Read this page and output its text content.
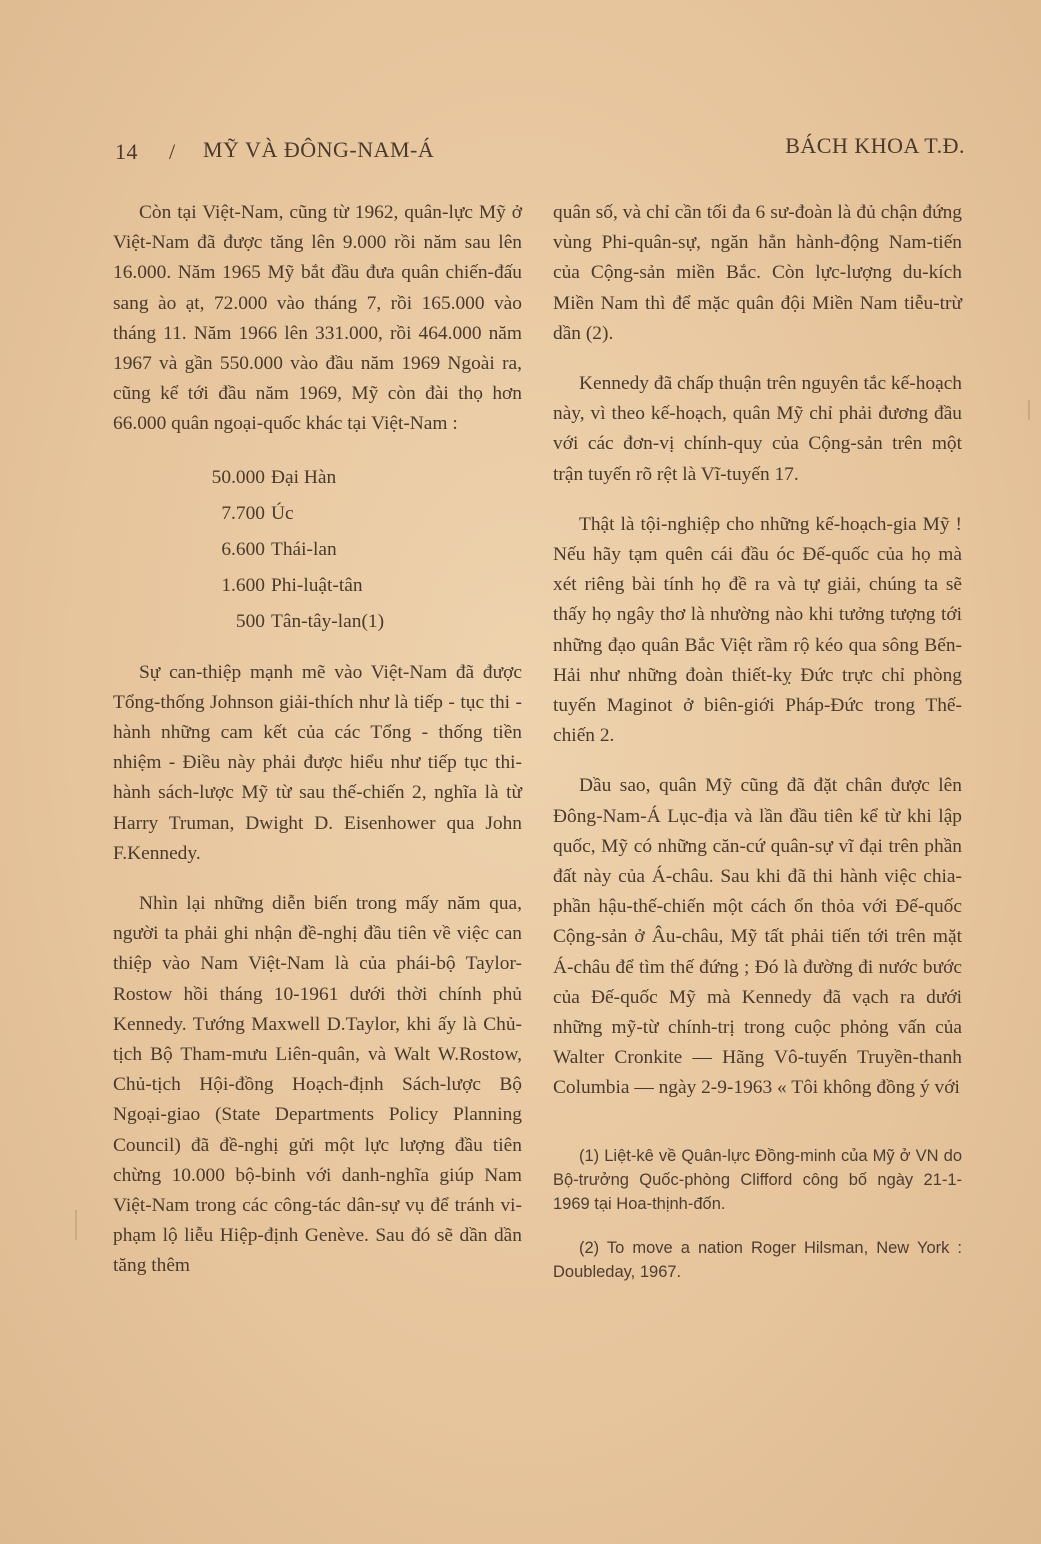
14 / MỸ VÀ ĐÔNG-NAM-Á	BÁCH KHOA T.Đ.

Còn tại Việt-Nam, cũng từ 1962, quân-lực Mỹ ở Việt-Nam đã được tăng lên 9.000 rồi năm sau lên 16.000. Năm 1965 Mỹ bắt đầu đưa quân chiến-đấu sang ào ạt, 72.000 vào tháng 7, rồi 165.000 vào tháng 11. Năm 1966 lên 331.000, rồi 464.000 năm 1967 và gần 550.000 vào đầu năm 1969 Ngoài ra, cũng kể tới đầu năm 1969, Mỹ còn đài thọ hơn 66.000 quân ngoại-quốc khác tại Việt-Nam :

50.000 Đại Hàn
7.700 Úc
6.600 Thái-lan
1.600 Phi-luật-tân
500 Tân-tây-lan(1)

Sự can-thiệp mạnh mẽ vào Việt-Nam đã được Tổng-thống Johnson giải-thích như là tiếp - tục thi - hành những cam kết của các Tổng - thống tiền nhiệm - Điều này phải được hiểu như tiếp tục thi-hành sách-lược Mỹ từ sau thế-chiến 2, nghĩa là từ Harry Truman, Dwight D. Eisenhower qua John F.Kennedy.

Nhìn lại những diễn biến trong mấy năm qua, người ta phải ghi nhận đề-nghị đầu tiên về việc can thiệp vào Nam Việt-Nam là của phái-bộ Taylor-Rostow hồi tháng 10-1961 dưới thời chính phủ Kennedy. Tướng Maxwell D.Taylor, khi ấy là Chủ-tịch Bộ Tham-mưu Liên-quân, và Walt W.Rostow, Chủ-tịch Hội-đồng Hoạch-định Sách-lược Bộ Ngoại-giao (State Departments Policy Planning Council) đã đề-nghị gửi một lực lượng đầu tiên chừng 10.000 bộ-binh với danh-nghĩa giúp Nam Việt-Nam trong các công-tác dân-sự vụ để tránh vi-phạm lộ liễu Hiệp-định Genève. Sau đó sẽ dần dần tăng thêm

quân số, và chỉ cần tối đa 6 sư-đoàn là đủ chận đứng vùng Phi-quân-sự, ngăn hẳn hành-động Nam-tiến của Cộng-sản miền Bắc. Còn lực-lượng du-kích Miền Nam thì để mặc quân đội Miền Nam tiễu-trừ dần (2).

Kennedy đã chấp thuận trên nguyên tắc kế-hoạch này, vì theo kế-hoạch, quân Mỹ chỉ phải đương đầu với các đơn-vị chính-quy của Cộng-sản trên một trận tuyến rõ rệt là Vĩ-tuyến 17.

Thật là tội-nghiệp cho những kế-hoạch-gia Mỹ ! Nếu hãy tạm quên cái đầu óc Đế-quốc của họ mà xét riêng bài tính họ đề ra và tự giải, chúng ta sẽ thấy họ ngây thơ là nhường nào khi tưởng tượng tới những đạo quân Bắc Việt rầm rộ kéo qua sông Bến-Hải như những đoàn thiết-kỵ Đức trực chỉ phòng tuyến Maginot ở biên-giới Pháp-Đức trong Thế-chiến 2.

Dầu sao, quân Mỹ cũng đã đặt chân được lên Đông-Nam-Á Lục-địa và lần đầu tiên kể từ khi lập quốc, Mỹ có những căn-cứ quân-sự vĩ đại trên phần đất này của Á-châu. Sau khi đã thi hành việc chia-phần hậu-thế-chiến một cách ổn thỏa với Đế-quốc Cộng-sản ở Âu-châu, Mỹ tất phải tiến tới trên mặt Á-châu để tìm thế đứng ; Đó là đường đi nước bước của Đế-quốc Mỹ mà Kennedy đã vạch ra dưới những mỹ-từ chính-trị trong cuộc phỏng vấn của Walter Cronkite — Hãng Vô-tuyến Truyền-thanh Columbia — ngày 2-9-1963 « Tôi không đồng ý với

(1) Liệt-kê về Quân-lực Đồng-minh của Mỹ ở VN do Bộ-trưởng Quốc-phòng Clifford công bố ngày 21-1-1969 tại Hoa-thịnh-đốn.

(2) To move a nation Roger Hilsman, New York : Doubleday, 1967.
